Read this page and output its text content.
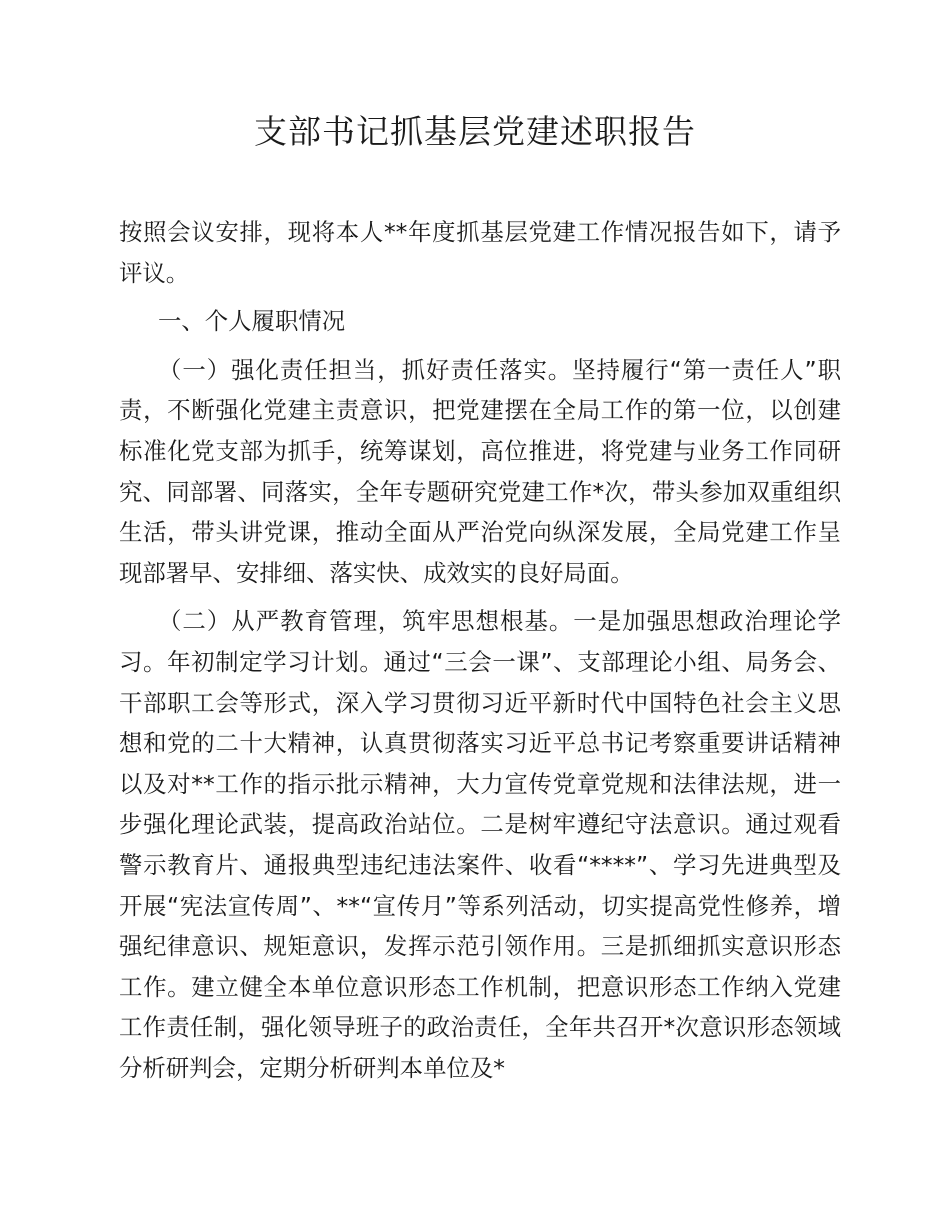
支部书记抓基层党建述职报告

按照会议安排，现将本人**年度抓基层党建工作情况报告如下，请予评议。

一、个人履职情况

（一）强化责任担当，抓好责任落实。坚持履行“第一责任人”职责，不断强化党建主责意识，把党建摆在全局工作的第一位，以创建标准化党支部为抓手，统筹谋划，高位推进，将党建与业务工作同研究、同部署、同落实，全年专题研究党建工作*次，带头参加双重组织生活，带头讲党课，推动全面从严治党向纵深发展，全局党建工作呈现部署早、安排细、落实快、成效实的良好局面。

（二）从严教育管理，筑牢思想根基。一是加强思想政治理论学习。年初制定学习计划。通过“三会一课”、支部理论小组、局务会、干部职工会等形式，深入学习贯彻习近平新时代中国特色社会主义思想和党的二十大精神，认真贯彻落实习近平总书记考察重要讲话精神以及对**工作的指示批示精神，大力宣传党章党规和法律法规，进一步强化理论武装，提高政治站位。二是树牢遵纪守法意识。通过观看警示教育片、通报典型违纪违法案件、收看“****”、学习先进典型及开展“宪法宣传周”、**“宣传月”等系列活动，切实提高党性修养，增强纪律意识、规矩意识，发挥示范引领作用。三是抓细抓实意识形态工作。建立健全本单位意识形态工作机制，把意识形态工作纳入党建工作责任制，强化领导班子的政治责任，全年共召开*次意识形态领域分析研判会，定期分析研判本单位及*
